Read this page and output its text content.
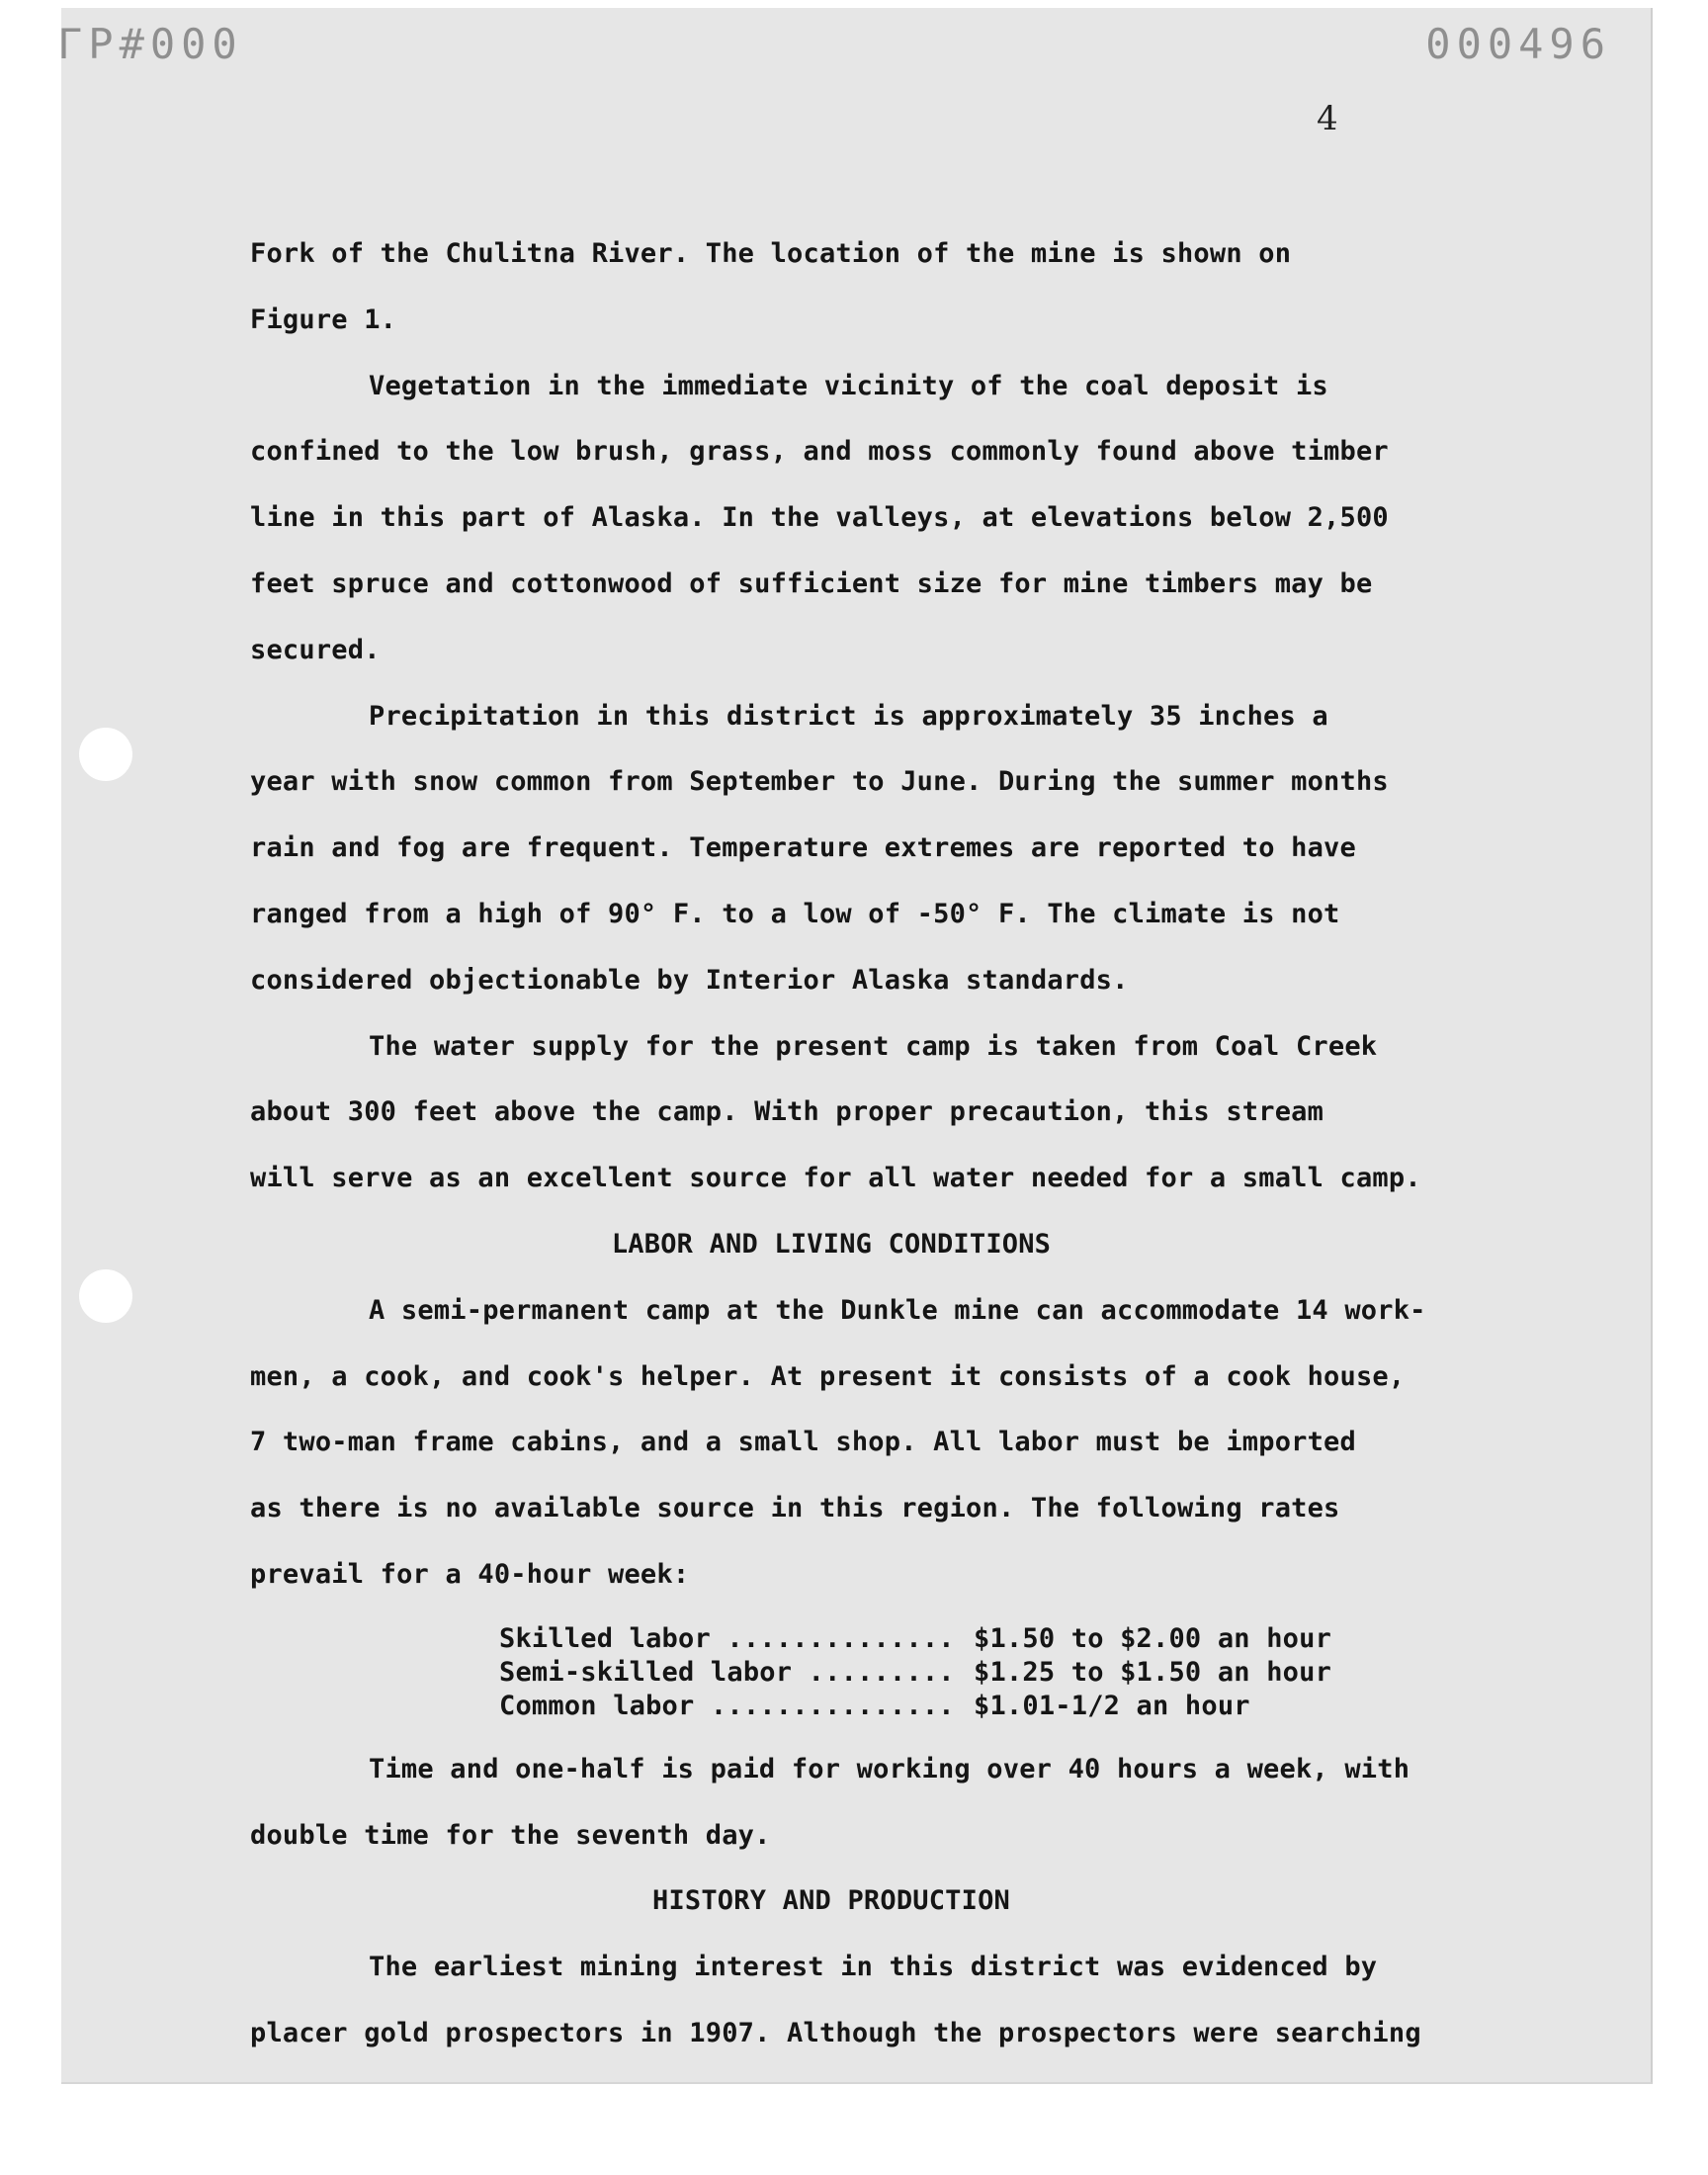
ΓP#000	000496
4
Fork of the Chulitna River. The location of the mine is shown on
Figure 1.
Vegetation in the immediate vicinity of the coal deposit is
confined to the low brush, grass, and moss commonly found above timber
line in this part of Alaska. In the valleys, at elevations below 2,500
feet spruce and cottonwood of sufficient size for mine timbers may be
secured.
Precipitation in this district is approximately 35 inches a
year with snow common from September to June. During the summer months
rain and fog are frequent. Temperature extremes are reported to have
ranged from a high of 90° F. to a low of -50° F. The climate is not
considered objectionable by Interior Alaska standards.
The water supply for the present camp is taken from Coal Creek
about 300 feet above the camp. With proper precaution, this stream
will serve as an excellent source for all water needed for a small camp.
LABOR AND LIVING CONDITIONS
A semi-permanent camp at the Dunkle mine can accommodate 14 work-
men, a cook, and cook's helper. At present it consists of a cook house,
7 two-man frame cabins, and a small shop. All labor must be imported
as there is no available source in this region. The following rates
prevail for a 40-hour week:
Skilled labor .............. $1.50 to $2.00 an hour
Semi-skilled labor ......... $1.25 to $1.50 an hour
Common labor ............... $1.01-1/2 an hour
Time and one-half is paid for working over 40 hours a week, with
double time for the seventh day.
HISTORY AND PRODUCTION
The earliest mining interest in this district was evidenced by
placer gold prospectors in 1907. Although the prospectors were searching
